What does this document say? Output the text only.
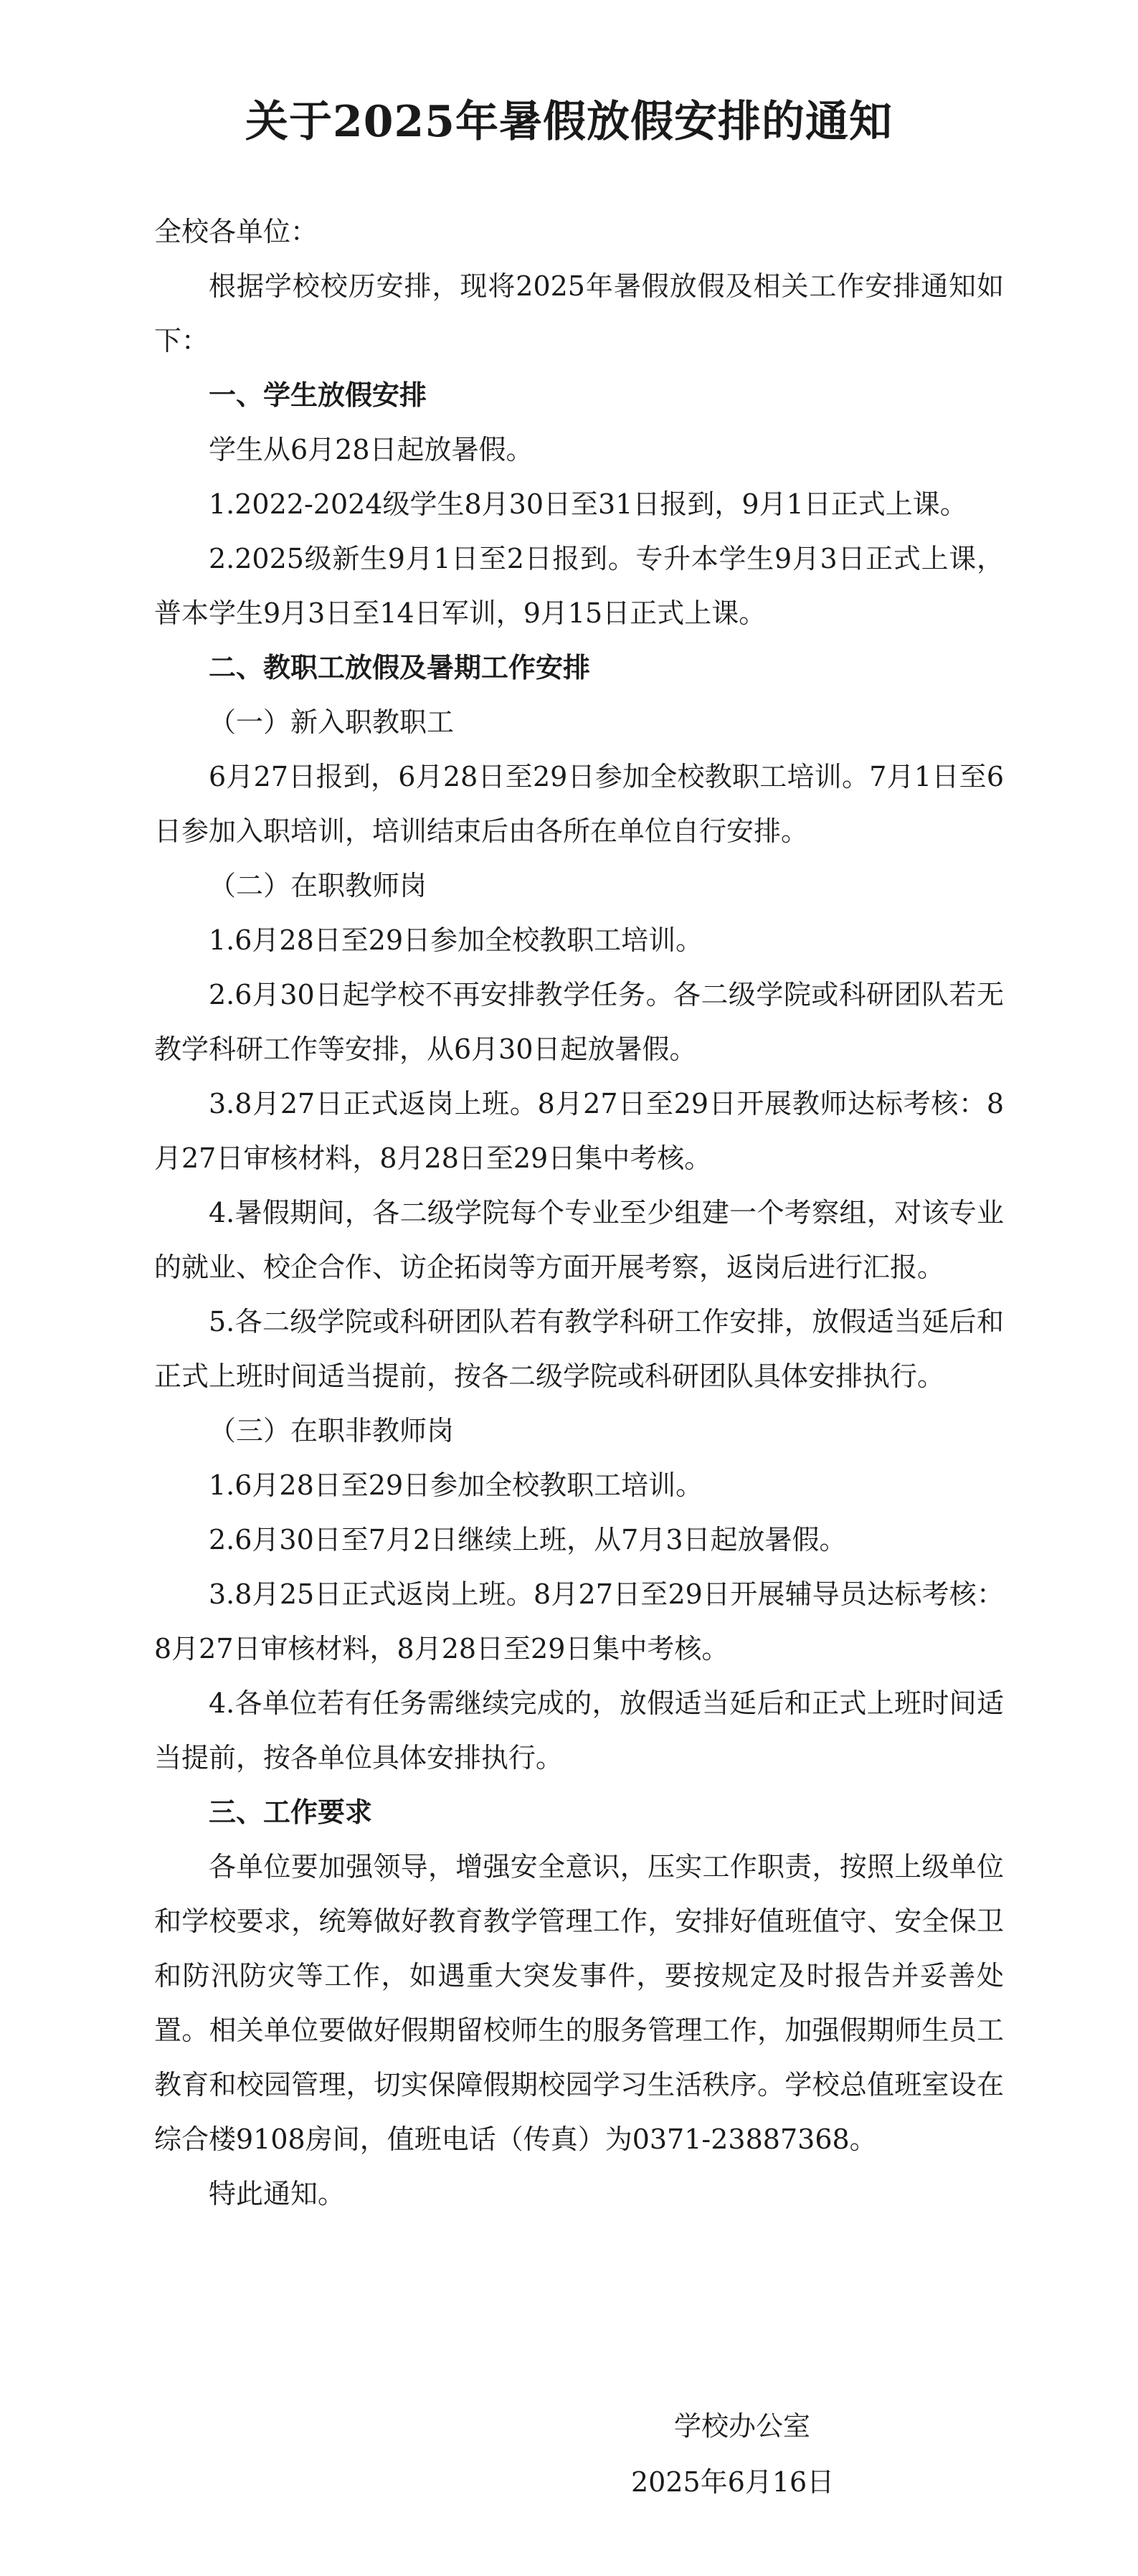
关于2025年暑假放假安排的通知

全校各单位：

根据学校校历安排，现将2025年暑假放假及相关工作安排通知如下：

一、学生放假安排

学生从6月28日起放暑假。

1.2022-2024级学生8月30日至31日报到，9月1日正式上课。

2.2025级新生9月1日至2日报到。专升本学生9月3日正式上课，普本学生9月3日至14日军训，9月15日正式上课。

二、教职工放假及暑期工作安排

（一）新入职教职工

6月27日报到，6月28日至29日参加全校教职工培训。7月1日至6日参加入职培训，培训结束后由各所在单位自行安排。

（二）在职教师岗

1.6月28日至29日参加全校教职工培训。

2.6月30日起学校不再安排教学任务。各二级学院或科研团队若无教学科研工作等安排，从6月30日起放暑假。

3.8月27日正式返岗上班。8月27日至29日开展教师达标考核：8月27日审核材料，8月28日至29日集中考核。

4.暑假期间，各二级学院每个专业至少组建一个考察组，对该专业的就业、校企合作、访企拓岗等方面开展考察，返岗后进行汇报。

5.各二级学院或科研团队若有教学科研工作安排，放假适当延后和正式上班时间适当提前，按各二级学院或科研团队具体安排执行。

（三）在职非教师岗

1.6月28日至29日参加全校教职工培训。

2.6月30日至7月2日继续上班，从7月3日起放暑假。

3.8月25日正式返岗上班。8月27日至29日开展辅导员达标考核：8月27日审核材料，8月28日至29日集中考核。

4.各单位若有任务需继续完成的，放假适当延后和正式上班时间适当提前，按各单位具体安排执行。

三、工作要求

各单位要加强领导，增强安全意识，压实工作职责，按照上级单位和学校要求，统筹做好教育教学管理工作，安排好值班值守、安全保卫和防汛防灾等工作，如遇重大突发事件，要按规定及时报告并妥善处置。相关单位要做好假期留校师生的服务管理工作，加强假期师生员工教育和校园管理，切实保障假期校园学习生活秩序。学校总值班室设在综合楼9108房间，值班电话（传真）为0371-23887368。

特此通知。

学校办公室
2025年6月16日
